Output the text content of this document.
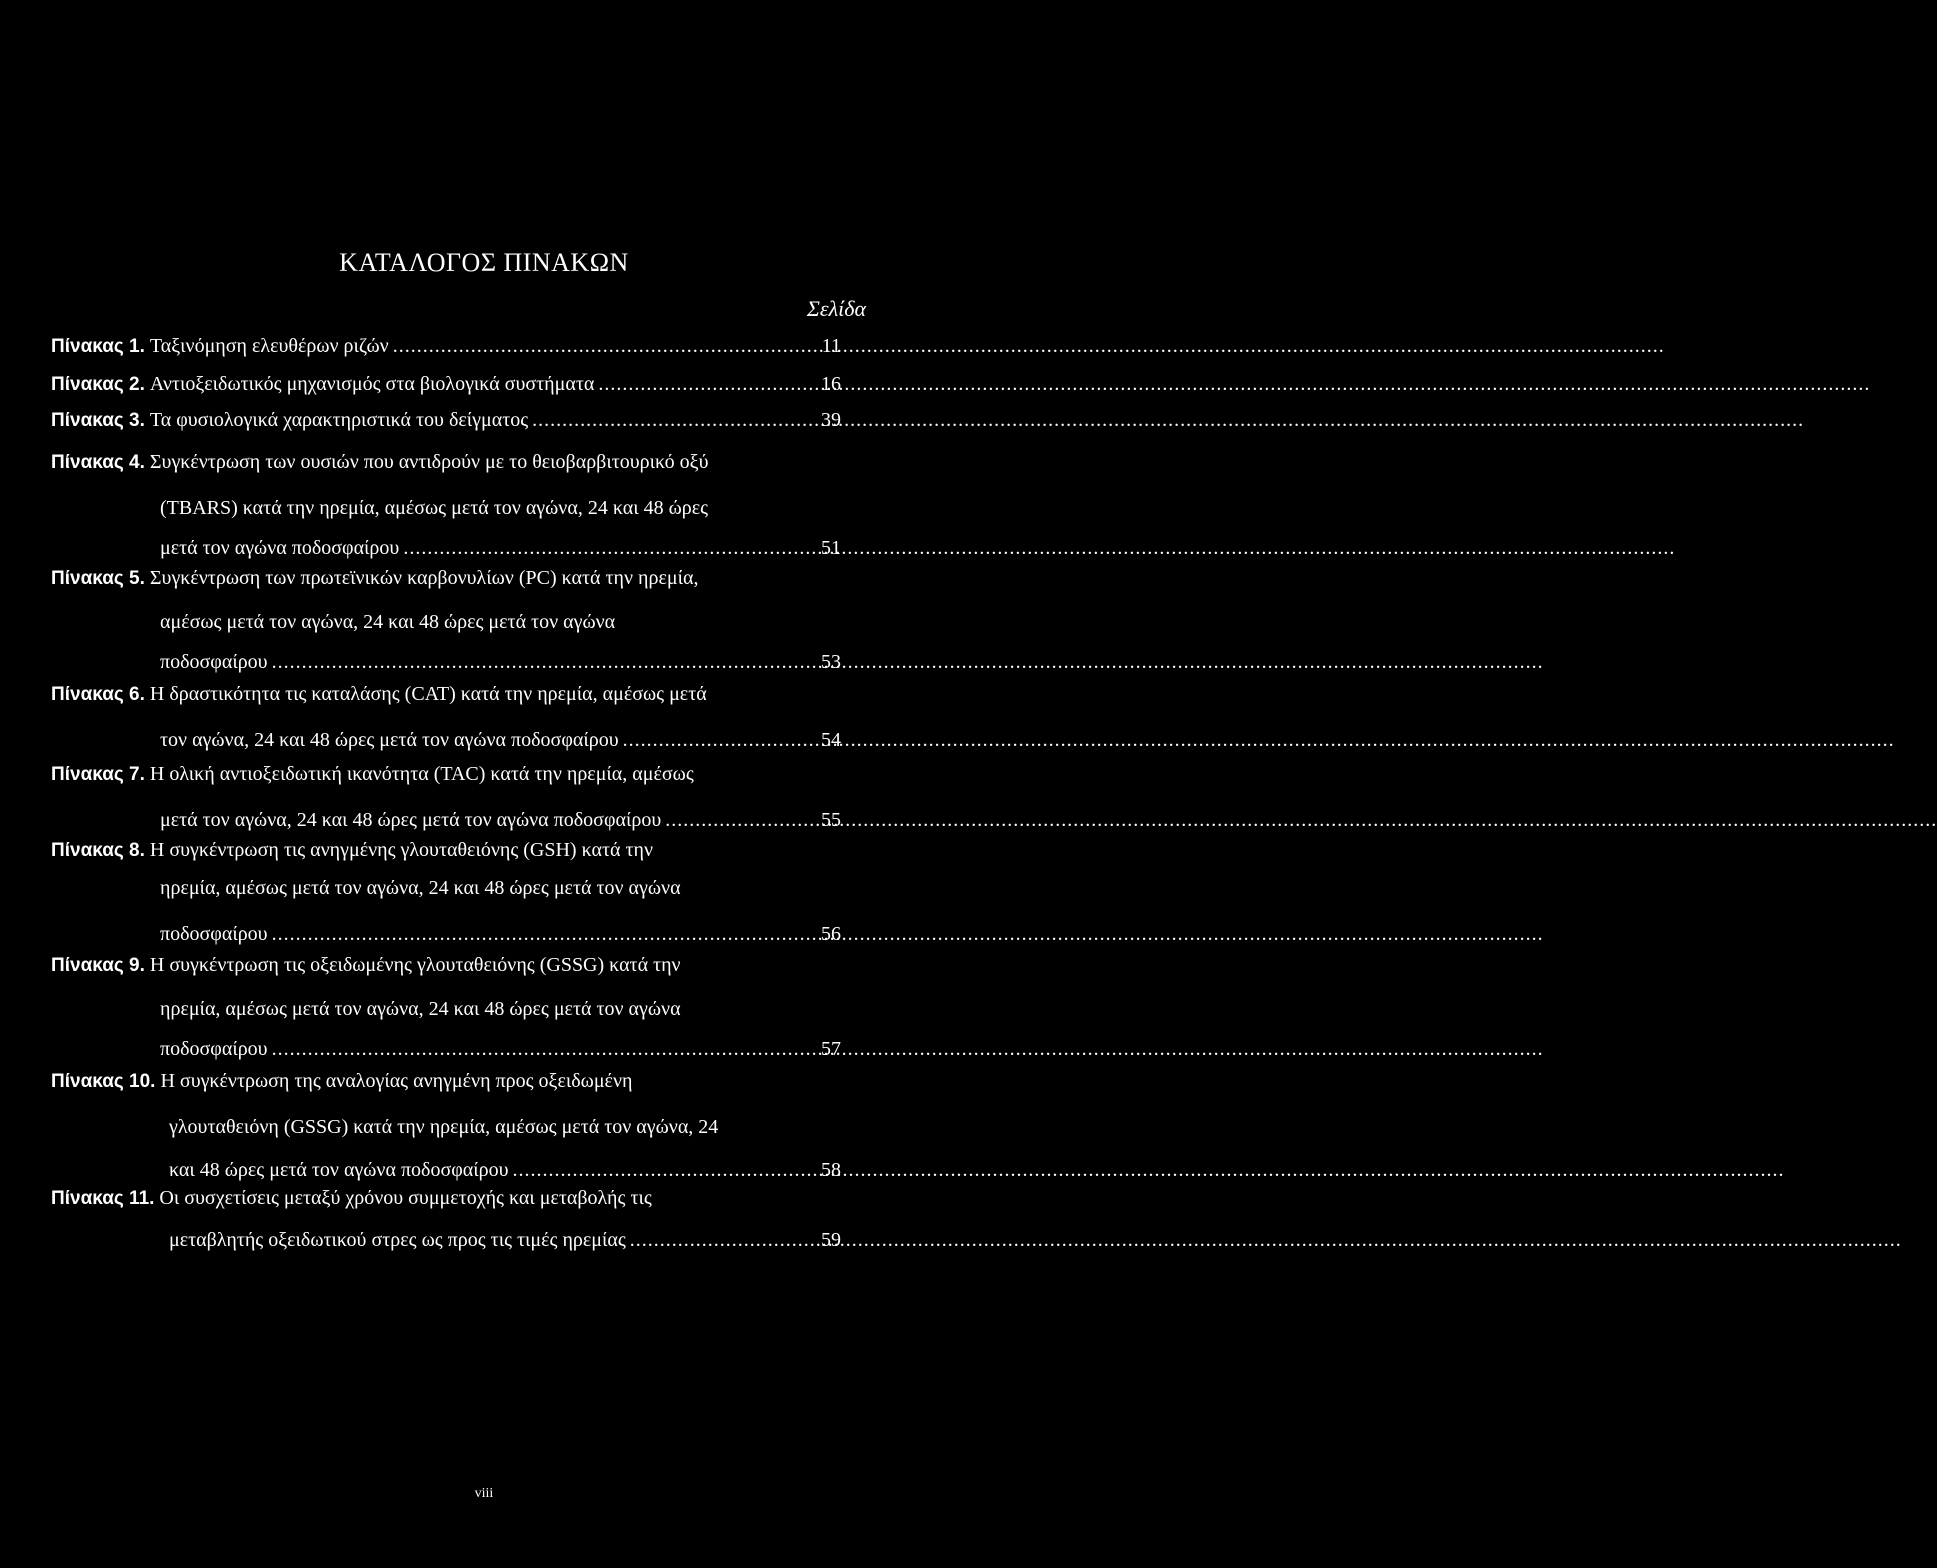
ΚΑΤΑΛΟΓΟΣ ΠΙΝΑΚΩΝ
Σελίδα
Πίνακας 1. Ταξινόμηση ελευθέρων ριζών .....	11
Πίνακας 2. Αντιοξειδωτικός μηχανισμός στα βιολογικά συστήματα .....	16
Πίνακας 3. Τα φυσιολογικά χαρακτηριστικά του δείγματος .....	39
Πίνακας 4. Συγκέντρωση των ουσιών που αντιδρούν με το θειοβαρβιτουρικό οξύ
(TBARS) κατά την ηρεμία, αμέσως μετά τον αγώνα, 24 και 48 ώρες
μετά τον αγώνα ποδοσφαίρου .....	51
Πίνακας 5. Συγκέντρωση των πρωτεϊνικών καρβονυλίων (PC) κατά την ηρεμία,
αμέσως μετά τον αγώνα, 24 και 48 ώρες μετά τον αγώνα
ποδοσφαίρου .....	53
Πίνακας 6. Η δραστικότητα τις καταλάσης (CAT) κατά την ηρεμία, αμέσως μετά
τον αγώνα, 24 και 48 ώρες μετά τον αγώνα ποδοσφαίρου .....	54
Πίνακας 7. Η ολική αντιοξειδωτική ικανότητα (TAC) κατά την ηρεμία, αμέσως
μετά τον αγώνα, 24 και 48 ώρες μετά τον αγώνα ποδοσφαίρου .....	55
Πίνακας 8. Η συγκέντρωση τις ανηγμένης γλουταθειόνης (GSH) κατά την
ηρεμία, αμέσως μετά τον αγώνα, 24 και 48 ώρες μετά τον αγώνα
ποδοσφαίρου .....	56
Πίνακας 9. Η συγκέντρωση τις οξειδωμένης γλουταθειόνης (GSSG) κατά την
ηρεμία, αμέσως μετά τον αγώνα, 24 και 48 ώρες μετά τον αγώνα
ποδοσφαίρου .....	57
Πίνακας 10. Η συγκέντρωση της αναλογίας ανηγμένη προς οξειδωμένη
γλουταθειόνη (GSSG) κατά την ηρεμία, αμέσως μετά τον αγώνα, 24
και 48 ώρες μετά τον αγώνα ποδοσφαίρου .....	58
Πίνακας 11. Οι συσχετίσεις μεταξύ χρόνου συμμετοχής και μεταβολής τις
μεταβλητής οξειδωτικού στρες ως προς τις τιμές ηρεμίας .....	59
viii
